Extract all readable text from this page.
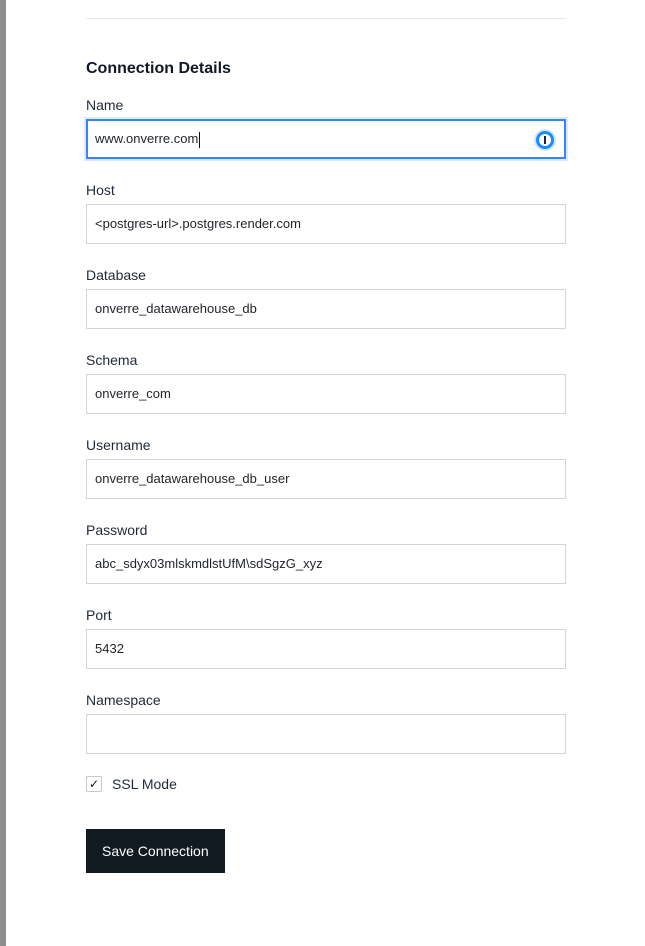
Connection Details
Name
www.onverre.com
Host
<postgres-url>.postgres.render.com
Database
onverre_datawarehouse_db
Schema
onverre_com
Username
onverre_datawarehouse_db_user
Password
abc_sdyx03mlskmdlstUfM\sdSgzG_xyz
Port
5432
Namespace
✓ SSL Mode
Save Connection
